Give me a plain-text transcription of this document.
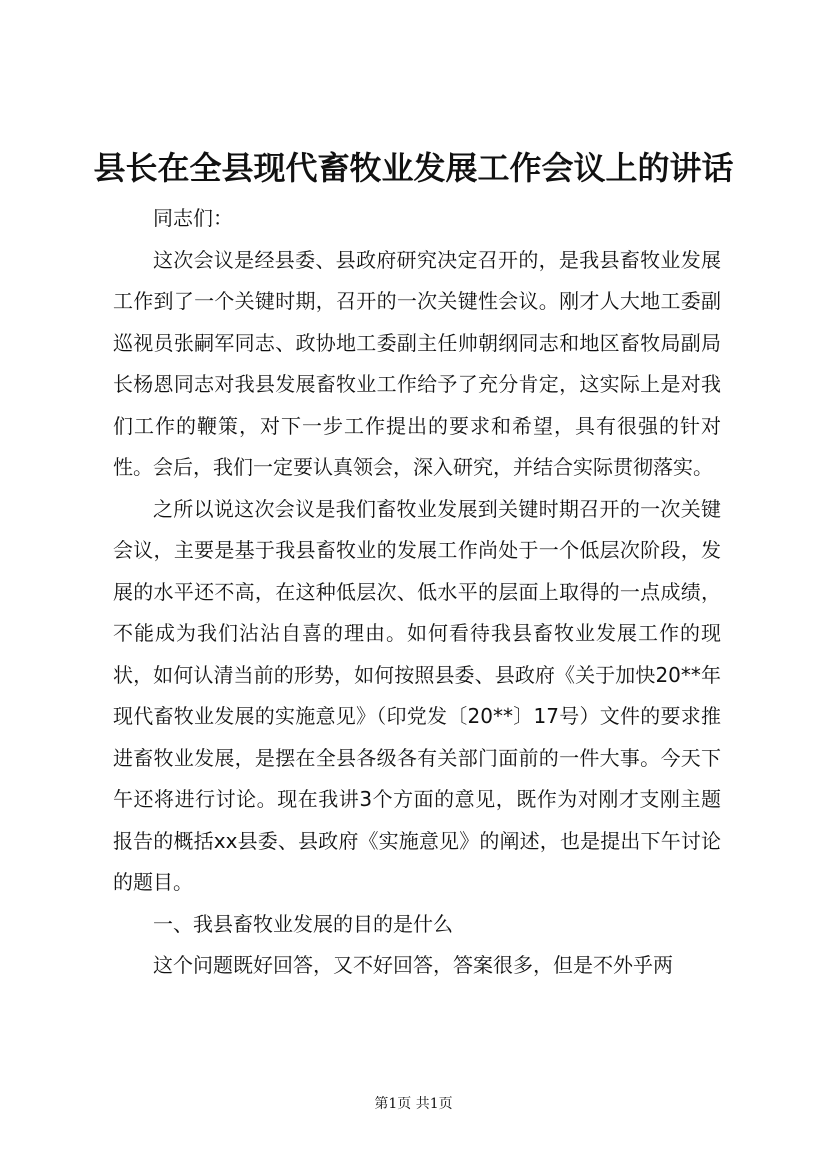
县长在全县现代畜牧业发展工作会议上的讲话

同志们：

这次会议是经县委、县政府研究决定召开的，是我县畜牧业发展工作到了一个关键时期，召开的一次关键性会议。刚才人大地工委副巡视员张嗣军同志、政协地工委副主任帅朝纲同志和地区畜牧局副局长杨恩同志对我县发展畜牧业工作给予了充分肯定，这实际上是对我们工作的鞭策，对下一步工作提出的要求和希望，具有很强的针对性。会后，我们一定要认真领会，深入研究，并结合实际贯彻落实。

之所以说这次会议是我们畜牧业发展到关键时期召开的一次关键会议，主要是基于我县畜牧业的发展工作尚处于一个低层次阶段，发展的水平还不高，在这种低层次、低水平的层面上取得的一点成绩，不能成为我们沾沾自喜的理由。如何看待我县畜牧业发展工作的现状，如何认清当前的形势，如何按照县委、县政府《关于加快20**年现代畜牧业发展的实施意见》（印党发〔20**〕17号）文件的要求推进畜牧业发展，是摆在全县各级各有关部门面前的一件大事。今天下午还将进行讨论。现在我讲3个方面的意见，既作为对刚才支刚主题报告的概括xx县委、县政府《实施意见》的阐述，也是提出下午讨论的题目。

一、我县畜牧业发展的目的是什么

这个问题既好回答，又不好回答，答案很多，但是不外乎两

第1页 共1页
